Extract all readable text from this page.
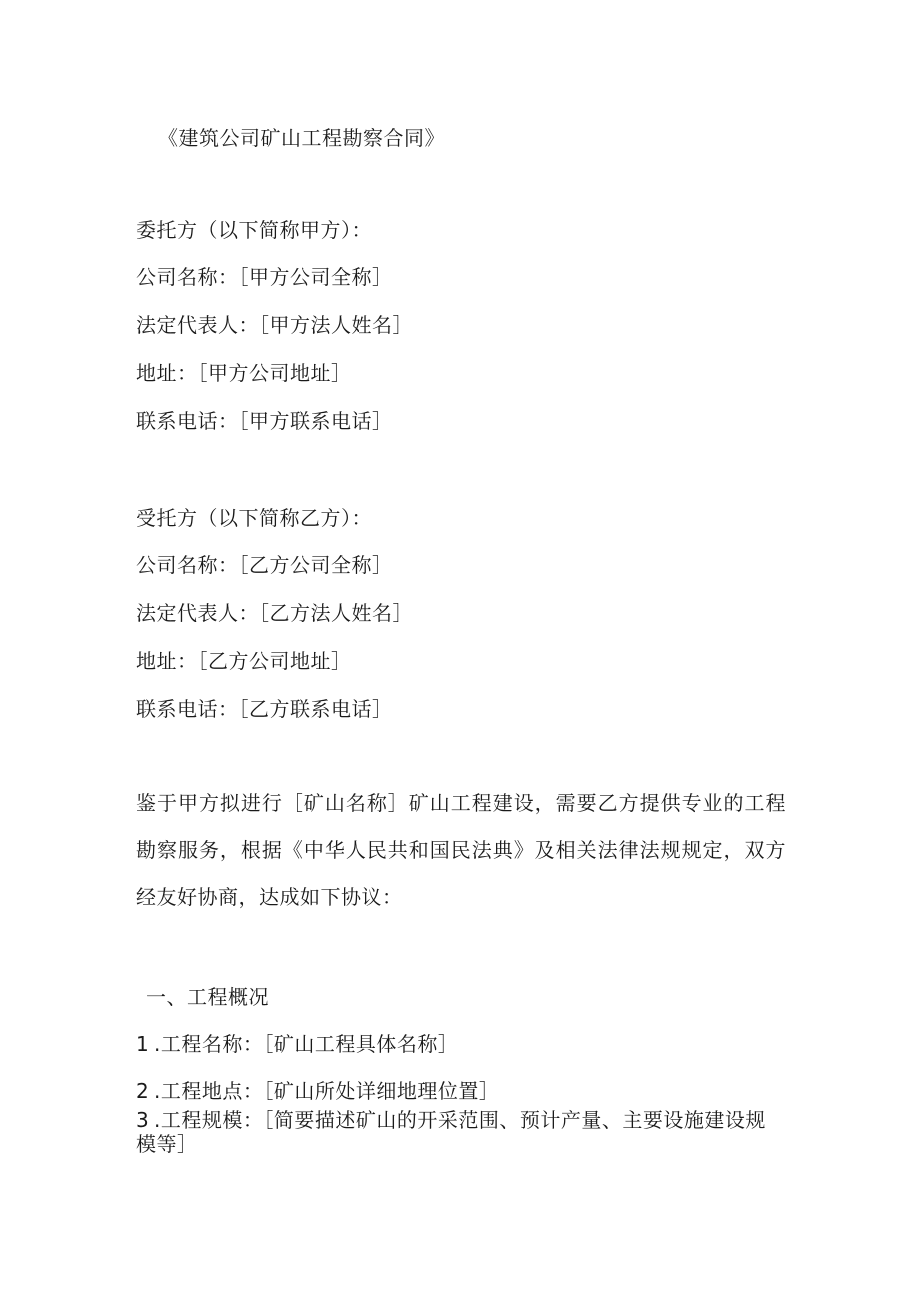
《建筑公司矿山工程勘察合同》
委托方（以下简称甲方）：
公司名称：［甲方公司全称］
法定代表人：［甲方法人姓名］
地址：［甲方公司地址］
联系电话：［甲方联系电话］
受托方（以下简称乙方）：
公司名称：［乙方公司全称］
法定代表人：［乙方法人姓名］
地址：［乙方公司地址］
联系电话：［乙方联系电话］
鉴于甲方拟进行［矿山名称］矿山工程建设，需要乙方提供专业的工程勘察服务，根据《中华人民共和国民法典》及相关法律法规规定，双方经友好协商，达成如下协议：
一、工程概况
1 .工程名称：［矿山工程具体名称］
2 .工程地点：［矿山所处详细地理位置］
3 .工程规模：［简要描述矿山的开采范围、预计产量、主要设施建设规模等］
